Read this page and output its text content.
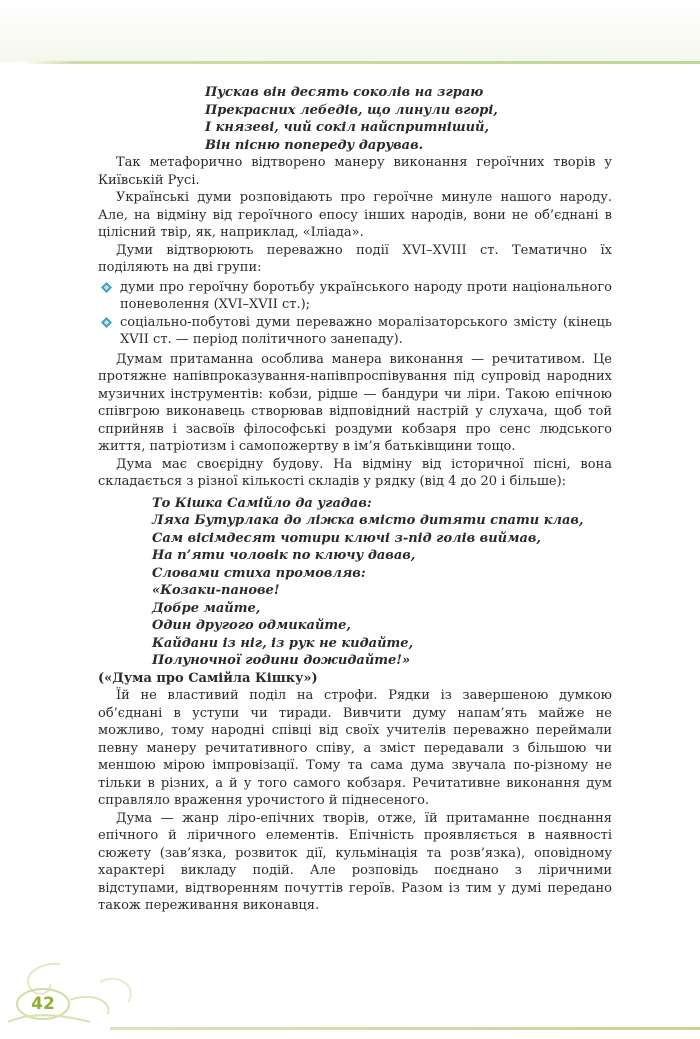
Пускав він десять соколів на зграю
Прекрасних лебедів, що линули вгорі,
І князеві, чий сокіл найспритніший,
Він пісню попереду дарував.

Так метафорично відтворено манеру виконання героїчних творів у Київській Русі.

Українські думи розповідають про героїчне минуле нашого народу. Але, на відміну від героїчного епосу інших народів, вони не об’єднані в цілісний твір, як, наприклад, «Іліада».

Думи відтворюють переважно події XVI–XVIII ст. Тематично їх поділяють на дві групи:

думи про героїчну боротьбу українського народу проти національного поневолення (XVI–XVII ст.);
соціально-побутові думи переважно моралізаторського змісту (кінець XVII ст. — період політичного занепаду).

Думам притаманна особлива манера виконання — речитативом. Це протяжне напівпроказування-напівпроспівування під супровід народних музичних інструментів: кобзи, рідше — бандури чи ліри. Такою епічною співгрою виконавець створював відповідний настрій у слухача, щоб той сприйняв і засвоїв філософські роздуми кобзаря про сенс людського життя, патріотизм і самопожертву в ім’я батьківщини тощо.

Дума має своєрідну будову. На відміну від історичної пісні, вона складається з різної кількості складів у рядку (від 4 до 20 і більше):

То Кішка Самійло да угадав:
Ляха Бутурлака до ліжка вмісто дитяти спати клав,
Сам вісімдесят чотири ключі з-під голів виймав,
На п’яти чоловік по ключу давав,
Словами стиха промовляв:
«Козаки-панове!
Добре майте,
Один другого одмикайте,
Кайдани із ніг, із рук не кидайте,
Полуночної години дожидайте!»

(«Дума про Самійла Кішку»)

Їй не властивий поділ на строфи. Рядки із завершеною думкою об’єднані в уступи чи тиради. Вивчити думу напам’ять майже не можливо, тому народні співці від своїх учителів переважно переймали певну манеру речитативного співу, а зміст передавали з більшою чи меншою мірою імпровізації. Тому та сама дума звучала по-різному не тільки в різних, а й у того самого кобзаря. Речитативне виконання дум справляло враження урочистого й піднесеного.

Дума — жанр ліро-епічних творів, отже, їй притаманне поєднання епічного й ліричного елементів. Епічність проявляється в наявності сюжету (зав’язка, розвиток дії, кульмінація та розв’язка), оповідному характері викладу подій. Але розповідь поєднано з ліричними відступами, відтворенням почуттів героїв. Разом із тим у думі передано також переживання виконавця.

42
